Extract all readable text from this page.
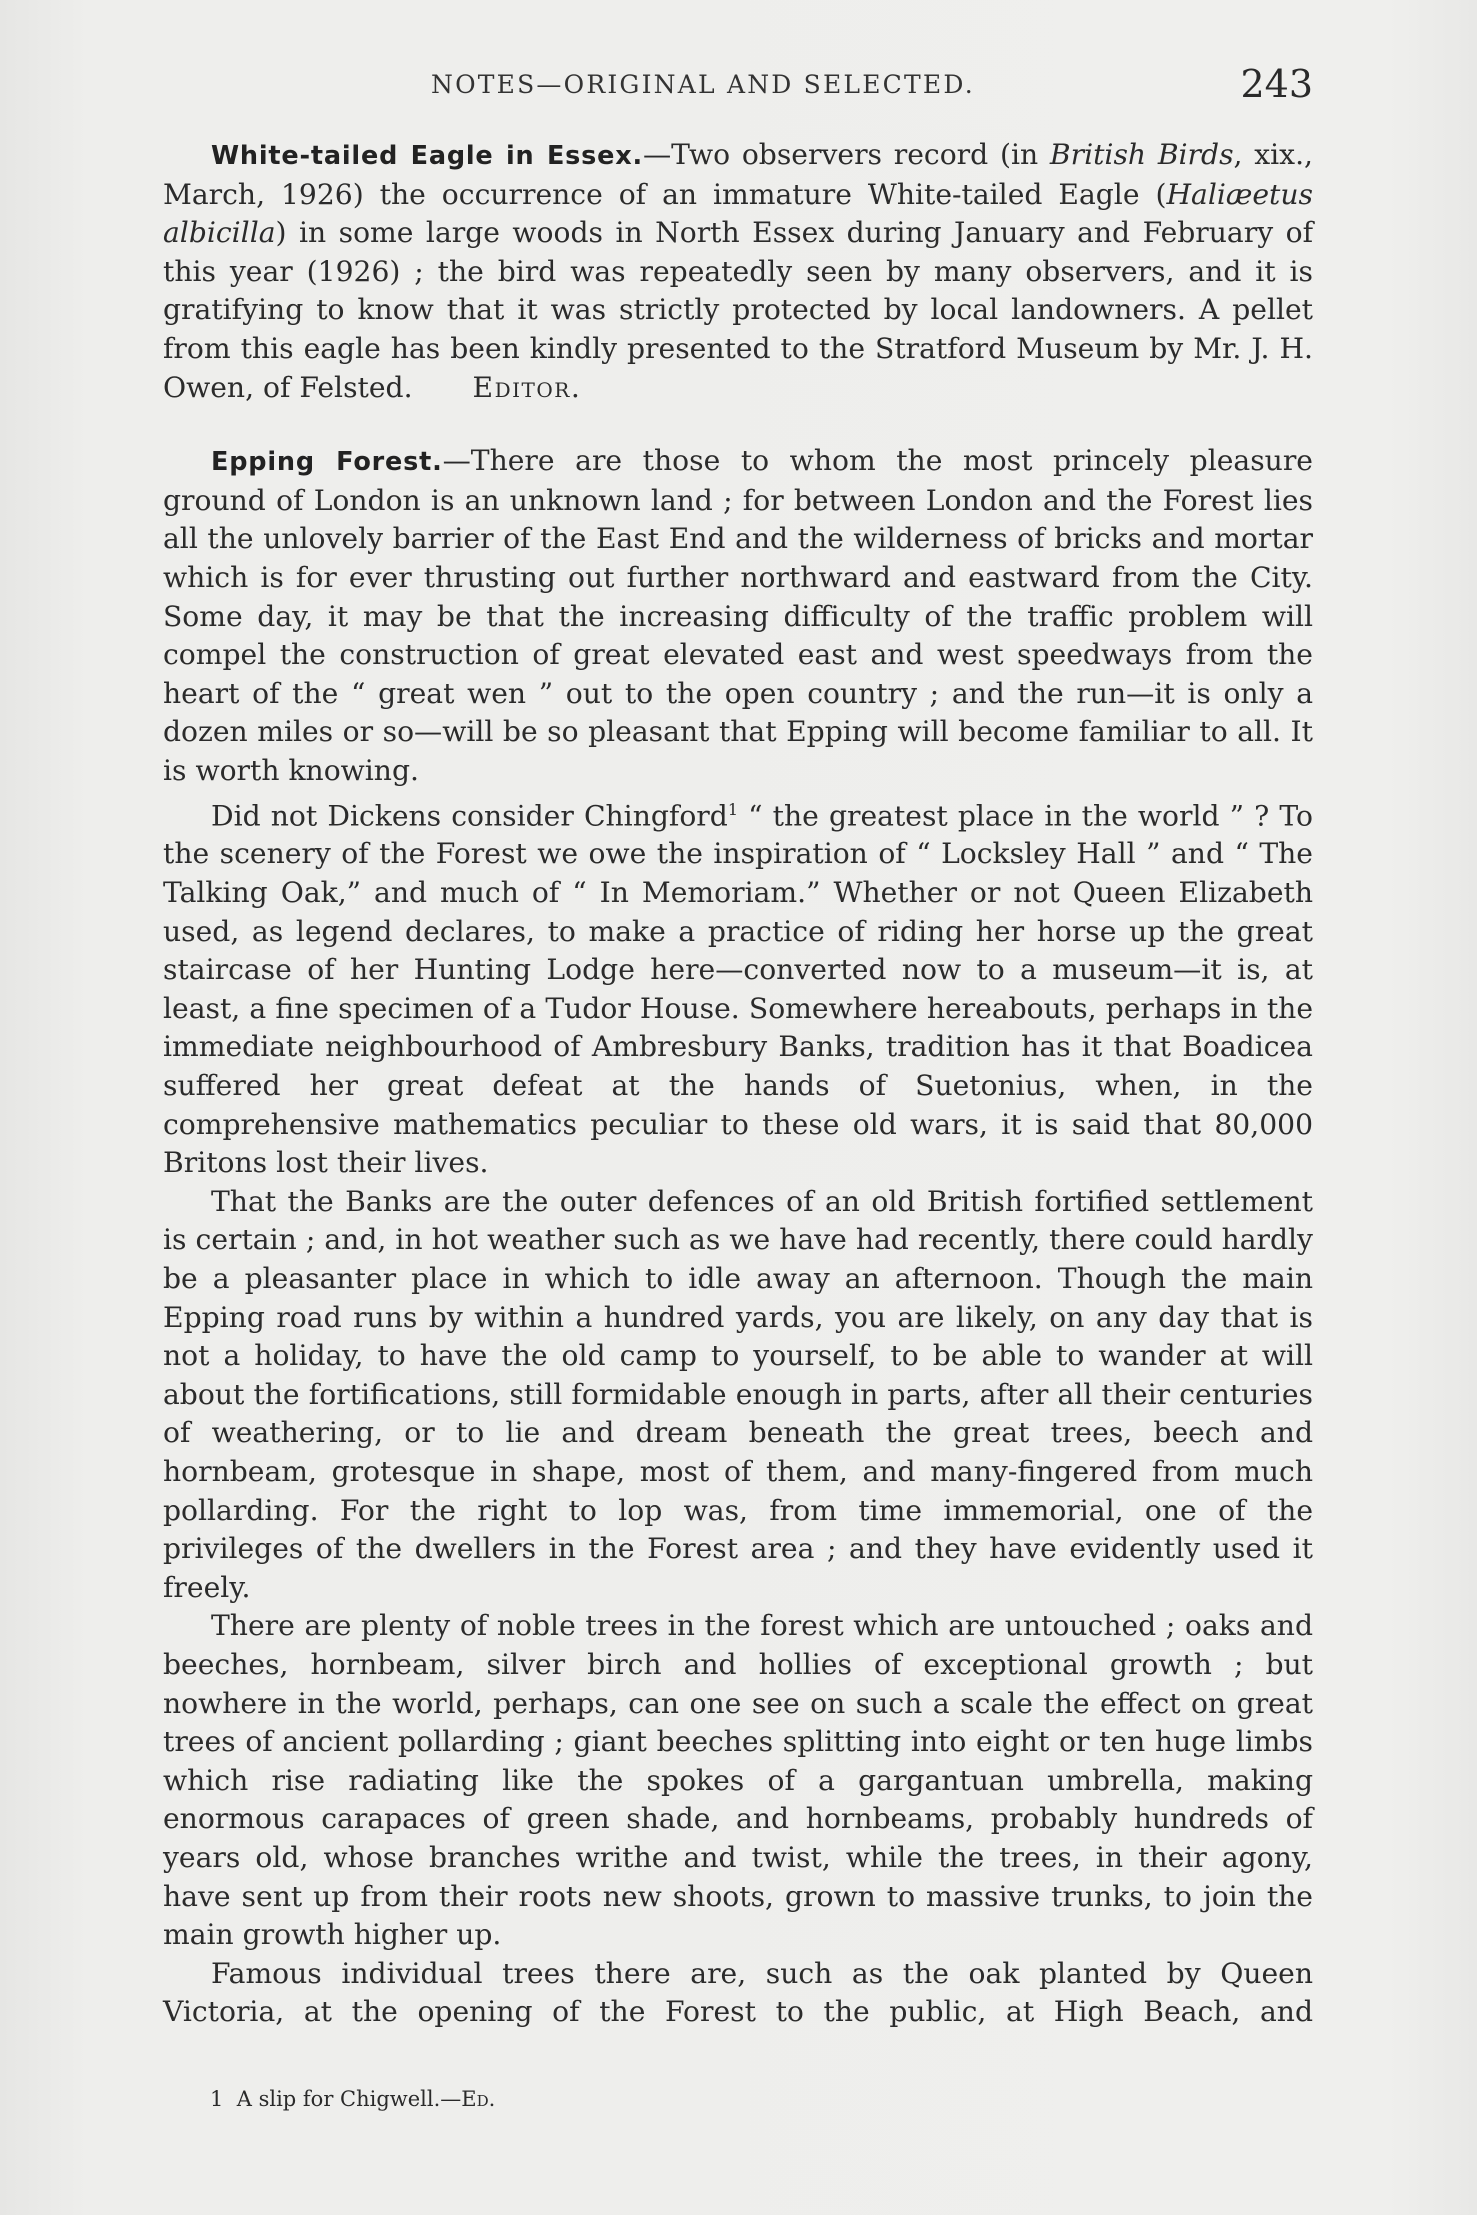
NOTES—ORIGINAL AND SELECTED.	243

White-tailed Eagle in Essex.—Two observers record (in British Birds, xix., March, 1926) the occurrence of an immature White-tailed Eagle (Haliæetus albicilla) in some large woods in North Essex during January and February of this year (1926) ; the bird was repeatedly seen by many observers, and it is gratifying to know that it was strictly protected by local landowners. A pellet from this eagle has been kindly presented to the Stratford Museum by Mr. J. H. Owen, of Felsted. Editor.

Epping Forest.—There are those to whom the most princely pleasure ground of London is an unknown land ; for between London and the Forest lies all the unlovely barrier of the East End and the wilderness of bricks and mortar which is for ever thrusting out further northward and eastward from the City. Some day, it may be that the increasing difficulty of the traffic problem will compel the construction of great elevated east and west speedways from the heart of the “ great wen ” out to the open country ; and the run—it is only a dozen miles or so—will be so pleasant that Epping will become familiar to all. It is worth knowing.

Did not Dickens consider Chingford$^1$ “ the greatest place in the world ” ? To the scenery of the Forest we owe the inspiration of “ Locksley Hall ” and “ The Talking Oak,” and much of “ In Memoriam.” Whether or not Queen Elizabeth used, as legend declares, to make a practice of riding her horse up the great staircase of her Hunting Lodge here—converted now to a museum—it is, at least, a fine specimen of a Tudor House. Somewhere hereabouts, perhaps in the immediate neighbourhood of Ambresbury Banks, tradition has it that Boadicea suffered her great defeat at the hands of Suetonius, when, in the comprehensive mathematics peculiar to these old wars, it is said that 80,000 Britons lost their lives.

That the Banks are the outer defences of an old British fortified settlement is certain ; and, in hot weather such as we have had recently, there could hardly be a pleasanter place in which to idle away an afternoon. Though the main Epping road runs by within a hundred yards, you are likely, on any day that is not a holiday, to have the old camp to yourself, to be able to wander at will about the fortifications, still formidable enough in parts, after all their centuries of weathering, or to lie and dream beneath the great trees, beech and hornbeam, grotesque in shape, most of them, and many-fingered from much pollarding. For the right to lop was, from time immemorial, one of the privileges of the dwellers in the Forest area ; and they have evidently used it freely.

There are plenty of noble trees in the forest which are untouched ; oaks and beeches, hornbeam, silver birch and hollies of exceptional growth ; but nowhere in the world, perhaps, can one see on such a scale the effect on great trees of ancient pollarding ; giant beeches splitting into eight or ten huge limbs which rise radiating like the spokes of a gargantuan umbrella, making enormous carapaces of green shade, and hornbeams, probably hundreds of years old, whose branches writhe and twist, while the trees, in their agony, have sent up from their roots new shoots, grown to massive trunks, to join the main growth higher up.

Famous individual trees there are, such as the oak planted by Queen Victoria, at the opening of the Forest to the public, at High Beach, and

1 A slip for Chigwell.—Ed.
